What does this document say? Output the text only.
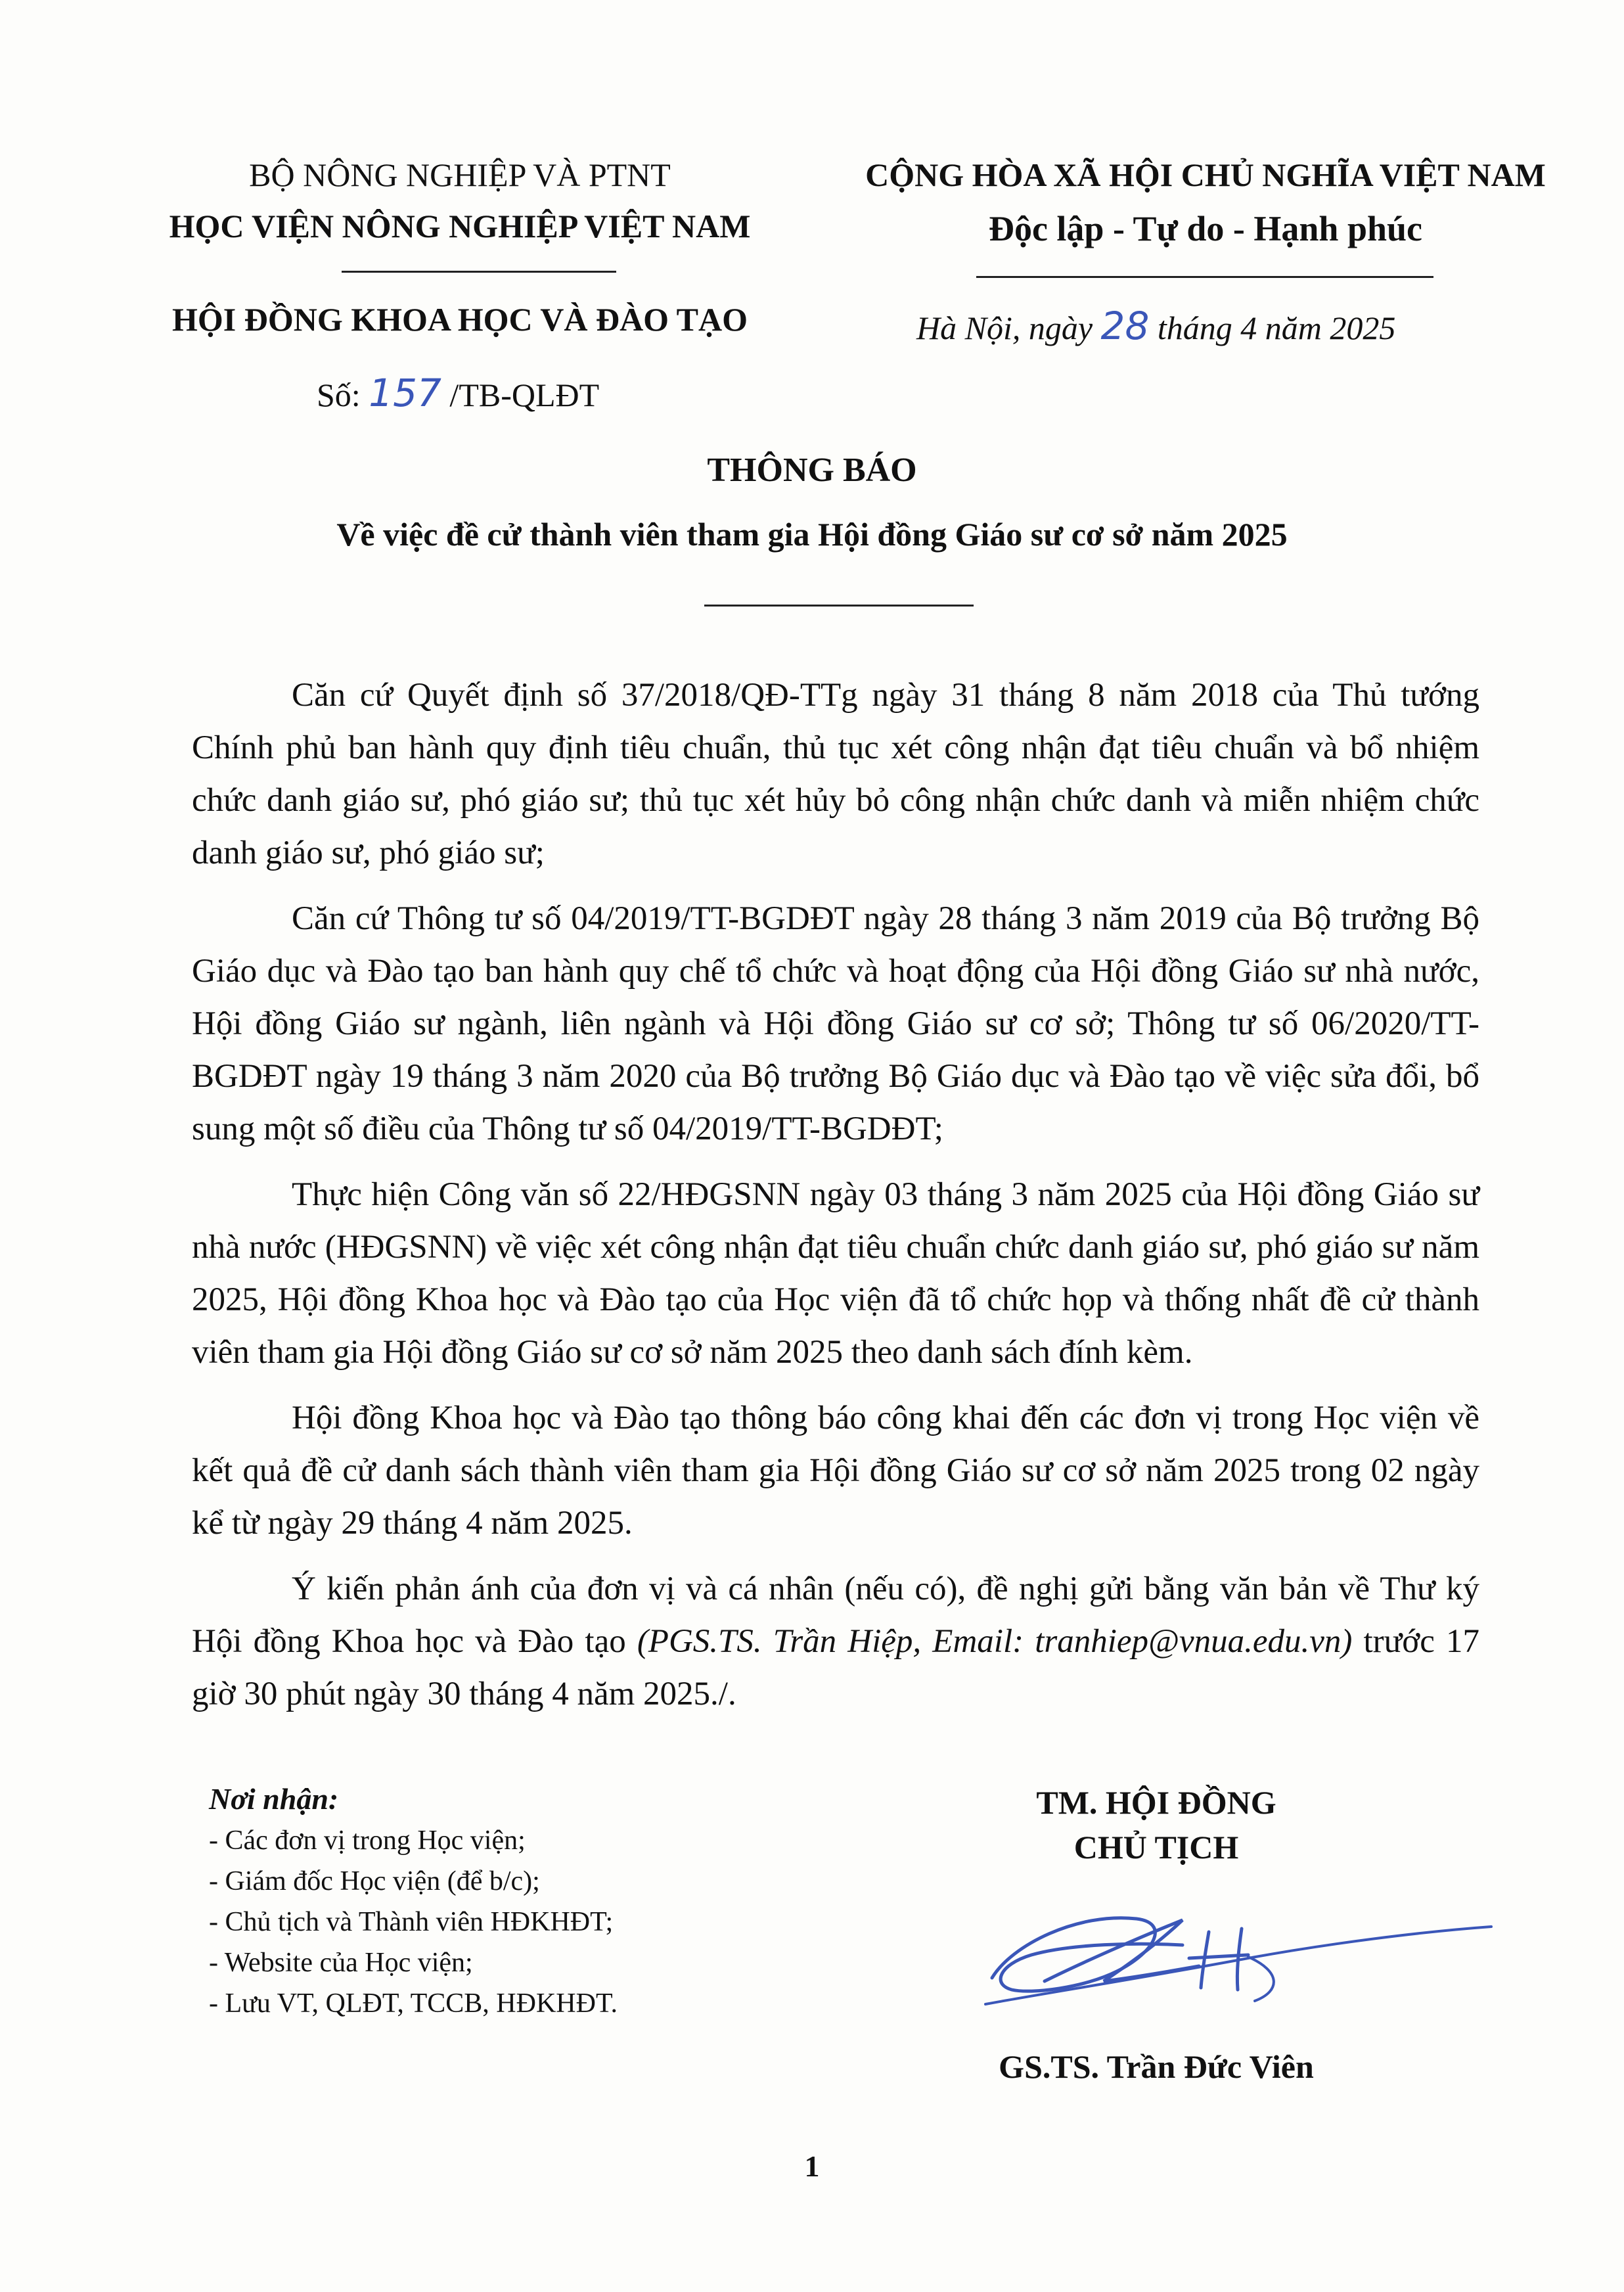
BỘ NÔNG NGHIỆP VÀ PTNT
HỌC VIỆN NÔNG NGHIỆP VIỆT NAM
HỘI ĐỒNG KHOA HỌC VÀ ĐÀO TẠO
Số: 157 /TB-QLĐT
CỘNG HÒA XÃ HỘI CHỦ NGHĨA VIỆT NAM
Độc lập - Tự do - Hạnh phúc
Hà Nội, ngày 28 tháng 4 năm 2025
THÔNG BÁO
Về việc đề cử thành viên tham gia Hội đồng Giáo sư cơ sở năm 2025

Căn cứ Quyết định số 37/2018/QĐ-TTg ngày 31 tháng 8 năm 2018 của Thủ tướng Chính phủ ban hành quy định tiêu chuẩn, thủ tục xét công nhận đạt tiêu chuẩn và bổ nhiệm chức danh giáo sư, phó giáo sư; thủ tục xét hủy bỏ công nhận chức danh và miễn nhiệm chức danh giáo sư, phó giáo sư;

Căn cứ Thông tư số 04/2019/TT-BGDĐT ngày 28 tháng 3 năm 2019 của Bộ trưởng Bộ Giáo dục và Đào tạo ban hành quy chế tổ chức và hoạt động của Hội đồng Giáo sư nhà nước, Hội đồng Giáo sư ngành, liên ngành và Hội đồng Giáo sư cơ sở; Thông tư số 06/2020/TT-BGDĐT ngày 19 tháng 3 năm 2020 của Bộ trưởng Bộ Giáo dục và Đào tạo về việc sửa đổi, bổ sung một số điều của Thông tư số 04/2019/TT-BGDĐT;

Thực hiện Công văn số 22/HĐGSNN ngày 03 tháng 3 năm 2025 của Hội đồng Giáo sư nhà nước (HĐGSNN) về việc xét công nhận đạt tiêu chuẩn chức danh giáo sư, phó giáo sư năm 2025, Hội đồng Khoa học và Đào tạo của Học viện đã tổ chức họp và thống nhất đề cử thành viên tham gia Hội đồng Giáo sư cơ sở năm 2025 theo danh sách đính kèm.

Hội đồng Khoa học và Đào tạo thông báo công khai đến các đơn vị trong Học viện về kết quả đề cử danh sách thành viên tham gia Hội đồng Giáo sư cơ sở năm 2025 trong 02 ngày kể từ ngày 29 tháng 4 năm 2025.

Ý kiến phản ánh của đơn vị và cá nhân (nếu có), đề nghị gửi bằng văn bản về Thư ký Hội đồng Khoa học và Đào tạo (PGS.TS. Trần Hiệp, Email: tranhiep@vnua.edu.vn) trước 17 giờ 30 phút ngày 30 tháng 4 năm 2025./.

Nơi nhận:
- Các đơn vị trong Học viện;
- Giám đốc Học viện (để b/c);
- Chủ tịch và Thành viên HĐKHĐT;
- Website của Học viện;
- Lưu VT, QLĐT, TCCB, HĐKHĐT.
TM. HỘI ĐỒNG
CHỦ TỊCH
GS.TS. Trần Đức Viên
1
